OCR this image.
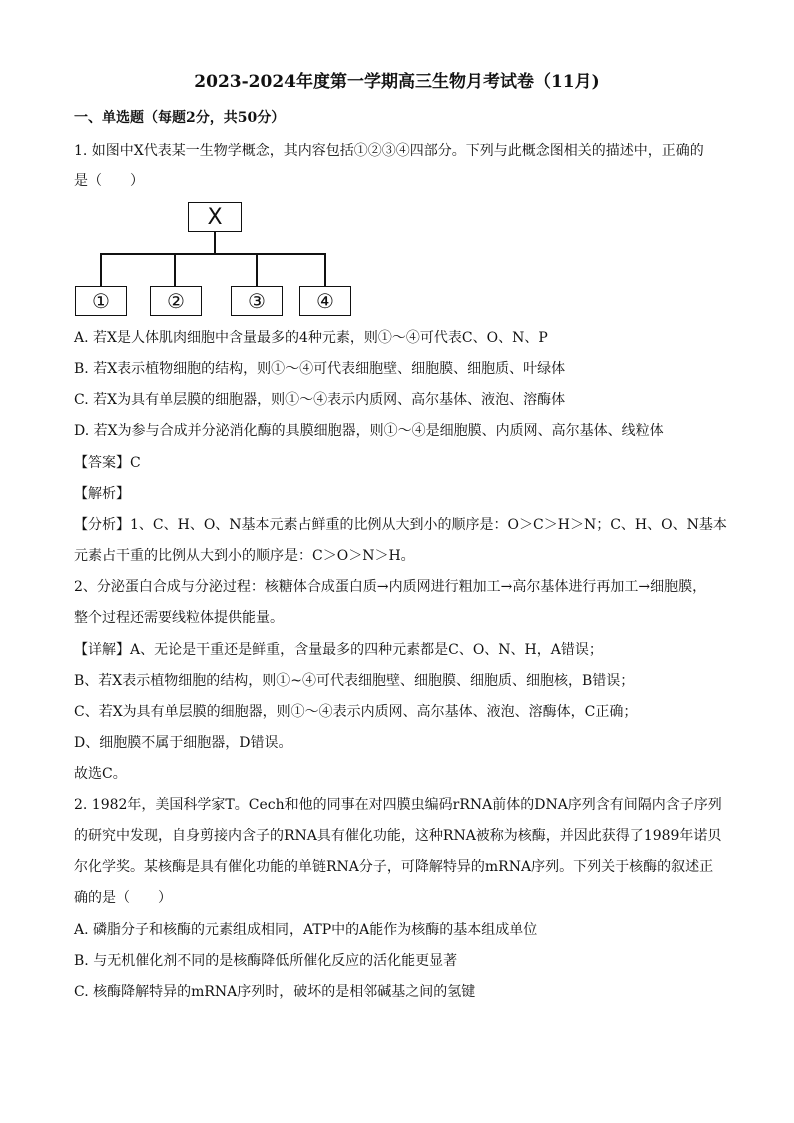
2023-2024年度第一学期高三生物月考试卷（11月)
一、单选题（每题2分，共50分）
1. 如图中X代表某一生物学概念，其内容包括①②③④四部分。下列与此概念图相关的描述中，正确的
是（　　）
X
①	②	③	④
A. 若X是人体肌肉细胞中含量最多的4种元素，则①～④可代表C、O、N、P
B. 若X表示植物细胞的结构，则①～④可代表细胞壁、细胞膜、细胞质、叶绿体
C. 若X为具有单层膜的细胞器，则①～④表示内质网、高尔基体、液泡、溶酶体
D. 若X为参与合成并分泌消化酶的具膜细胞器，则①～④是细胞膜、内质网、高尔基体、线粒体
【答案】C
【解析】
【分析】1、C、H、O、N基本元素占鲜重的比例从大到小的顺序是：O＞C＞H＞N；C、H、O、N基本
元素占干重的比例从大到小的顺序是：C＞O＞N＞H。
2、分泌蛋白合成与分泌过程：核糖体合成蛋白质→内质网进行粗加工→高尔基体进行再加工→细胞膜，
整个过程还需要线粒体提供能量。
【详解】A、无论是干重还是鲜重，含量最多的四种元素都是C、O、N、H，A错误；
B、若X表示植物细胞的结构，则①~④可代表细胞壁、细胞膜、细胞质、细胞核，B错误；
C、若X为具有单层膜的细胞器，则①～④表示内质网、高尔基体、液泡、溶酶体，C正确；
D、细胞膜不属于细胞器，D错误。
故选C。
2. 1982年，美国科学家T。Cech和他的同事在对四膜虫编码rRNA前体的DNA序列含有间隔内含子序列
的研究中发现，自身剪接内含子的RNA具有催化功能，这种RNA被称为核酶，并因此获得了1989年诺贝
尔化学奖。某核酶是具有催化功能的单链RNA分子，可降解特异的mRNA序列。下列关于核酶的叙述正
确的是（　　）
A. 磷脂分子和核酶的元素组成相同，ATP中的A能作为核酶的基本组成单位
B. 与无机催化剂不同的是核酶降低所催化反应的活化能更显著
C. 核酶降解特异的mRNA序列时，破坏的是相邻碱基之间的氢键
